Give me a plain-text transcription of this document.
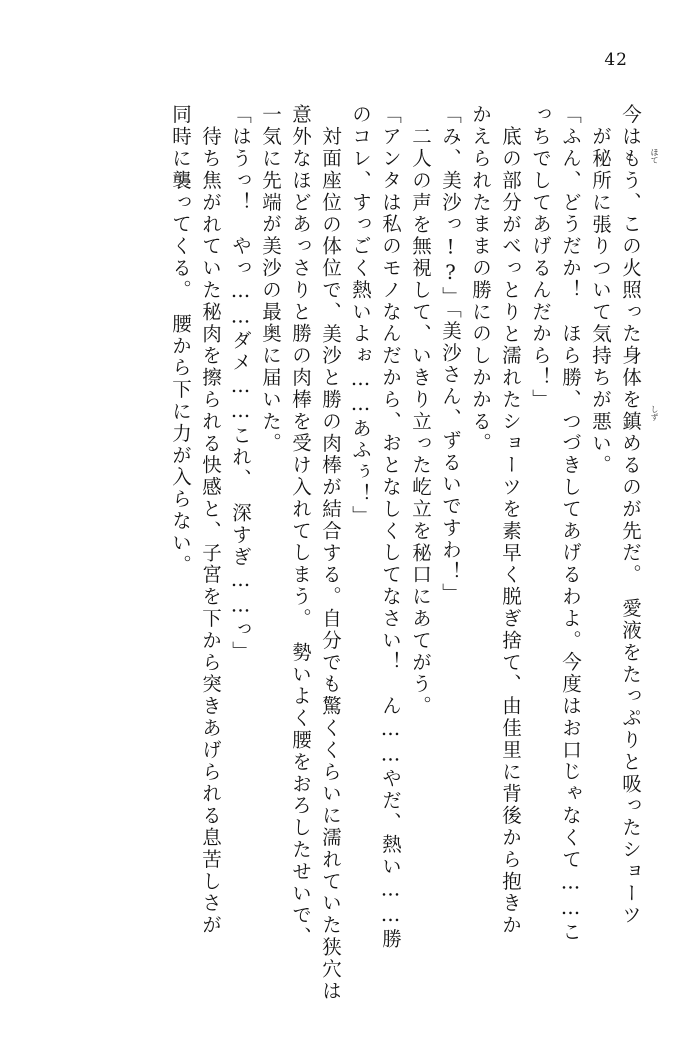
42
今はもう、この火照った身体を鎮めるのが先だ。　愛液をたっぷりと吸ったショーツ
が秘所に張りついて気持ちが悪い。
「ふん、どうだか！　ほら勝、つづきしてあげるわよ。今度はお口じゃなくて……こ
っちでしてあげるんだから！」
底の部分がべっとりと濡れたショーツを素早く脱ぎ捨て、由佳里に背後から抱きか
かえられたままの勝にのしかかる。
「み、美沙っ!?」「美沙さん、ずるいですわ！」
二人の声を無視して、いきり立った屹立を秘口にあてがう。
「アンタは私のモノなんだから、おとなしくしてなさい！　ん……やだ、熱い……勝
のコレ、すっごく熱いよぉ……あふぅ！」
対面座位の体位で、美沙と勝の肉棒が結合する。自分でも驚くくらいに濡れていた狭穴は
意外なほどあっさりと勝の肉棒を受け入れてしまう。　勢いよく腰をおろしたせいで、
一気に先端が美沙の最奥に届いた。
「はうっ！　やっ……ダメ……これ、　深すぎ……っ」
待ち焦がれていた秘肉を擦られる快感と、子宮を下から突きあげられる息苦しさが
同時に襲ってくる。　腰から下に力が入らない。	ほて
しず
